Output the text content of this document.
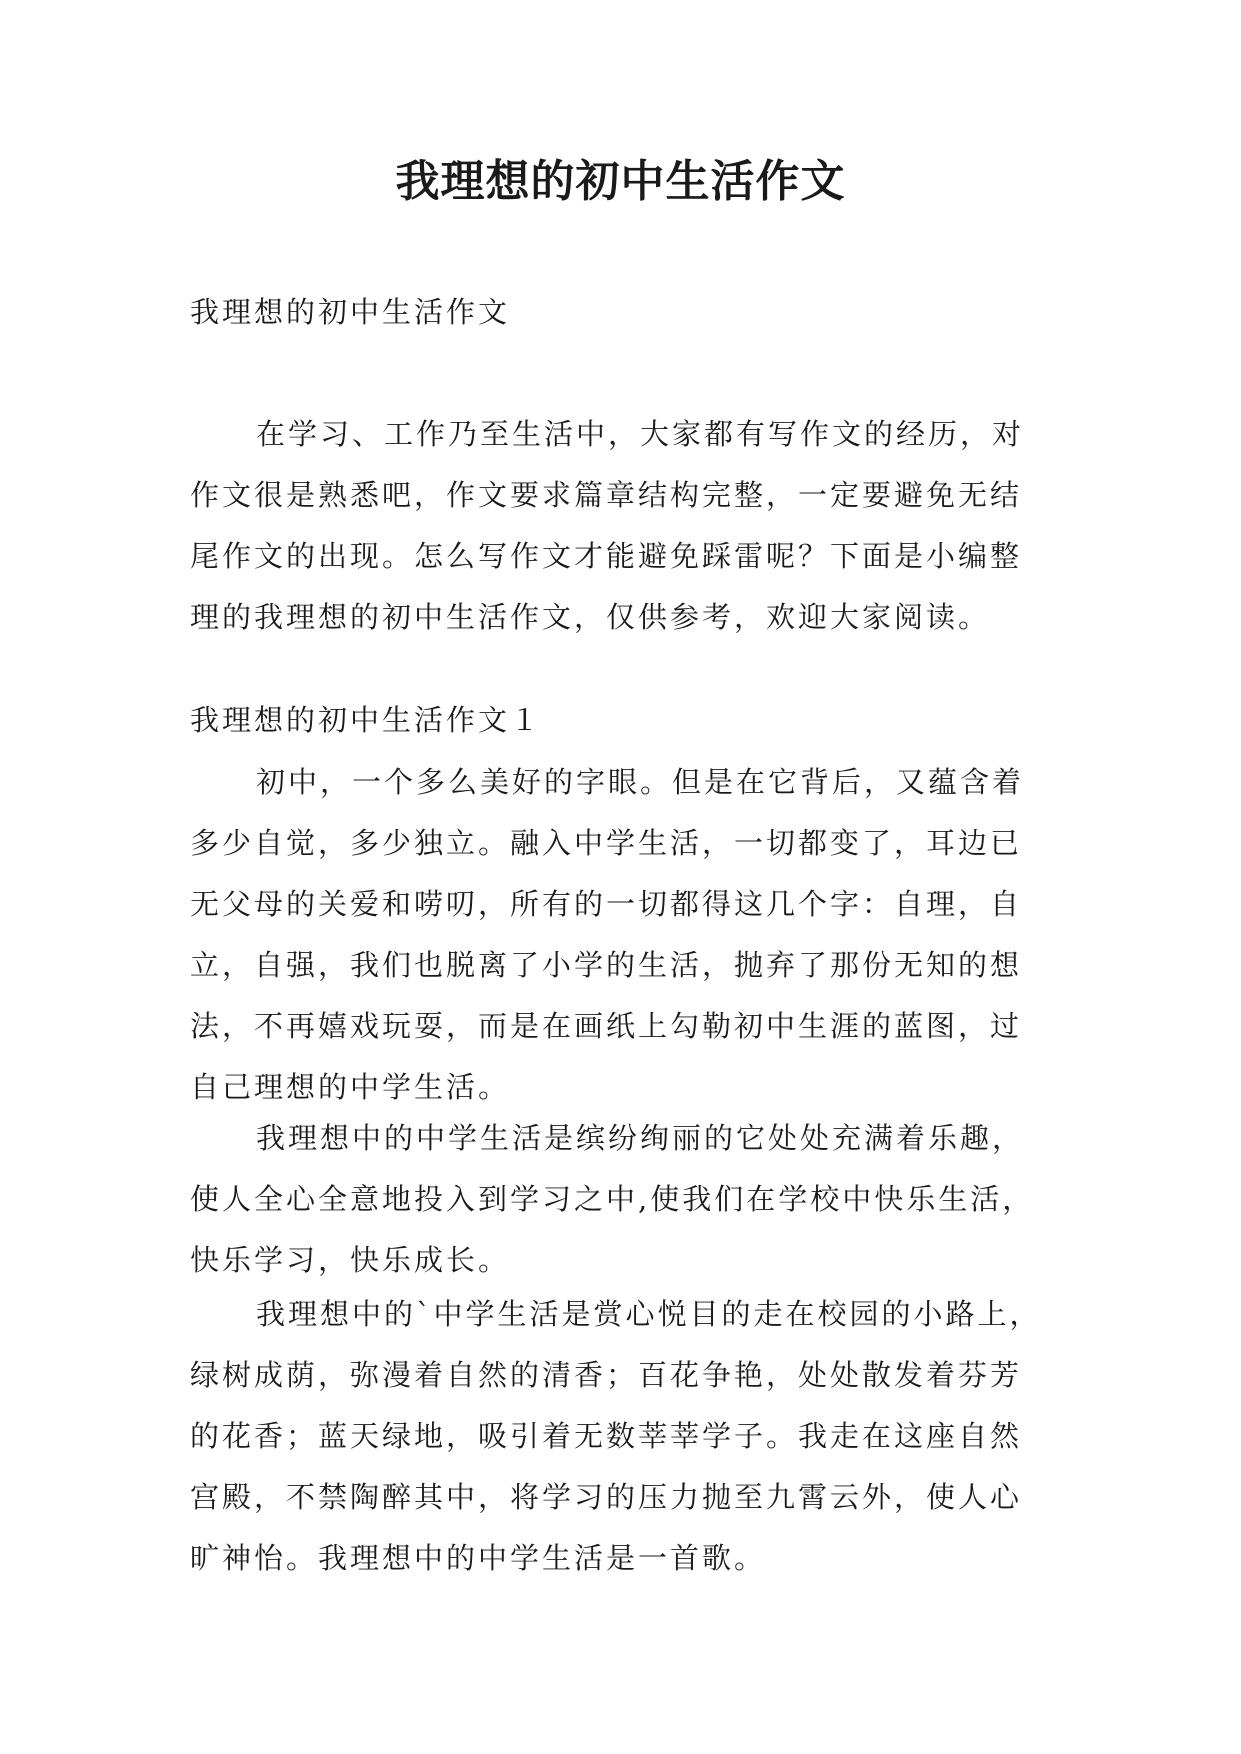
我理想的初中生活作文

我理想的初中生活作文

在学习、工作乃至生活中，大家都有写作文的经历，对
作文很是熟悉吧，作文要求篇章结构完整，一定要避免无结
尾作文的出现。怎么写作文才能避免踩雷呢？下面是小编整
理的我理想的初中生活作文，仅供参考，欢迎大家阅读。

我理想的初中生活作文１

初中，一个多么美好的字眼。但是在它背后，又蕴含着
多少自觉，多少独立。融入中学生活，一切都变了，耳边已
无父母的关爱和唠叨，所有的一切都得这几个字：自理，自
立，自强，我们也脱离了小学的生活，抛弃了那份无知的想
法，不再嬉戏玩耍，而是在画纸上勾勒初中生涯的蓝图，过
自己理想的中学生活。
我理想中的中学生活是缤纷绚丽的它处处充满着乐趣，
使人全心全意地投入到学习之中,使我们在学校中快乐生活，
快乐学习，快乐成长。
我理想中的`中学生活是赏心悦目的走在校园的小路上，
绿树成荫，弥漫着自然的清香；百花争艳，处处散发着芬芳
的花香；蓝天绿地，吸引着无数莘莘学子。我走在这座自然
宫殿，不禁陶醉其中，将学习的压力抛至九霄云外，使人心
旷神怡。我理想中的中学生活是一首歌。
